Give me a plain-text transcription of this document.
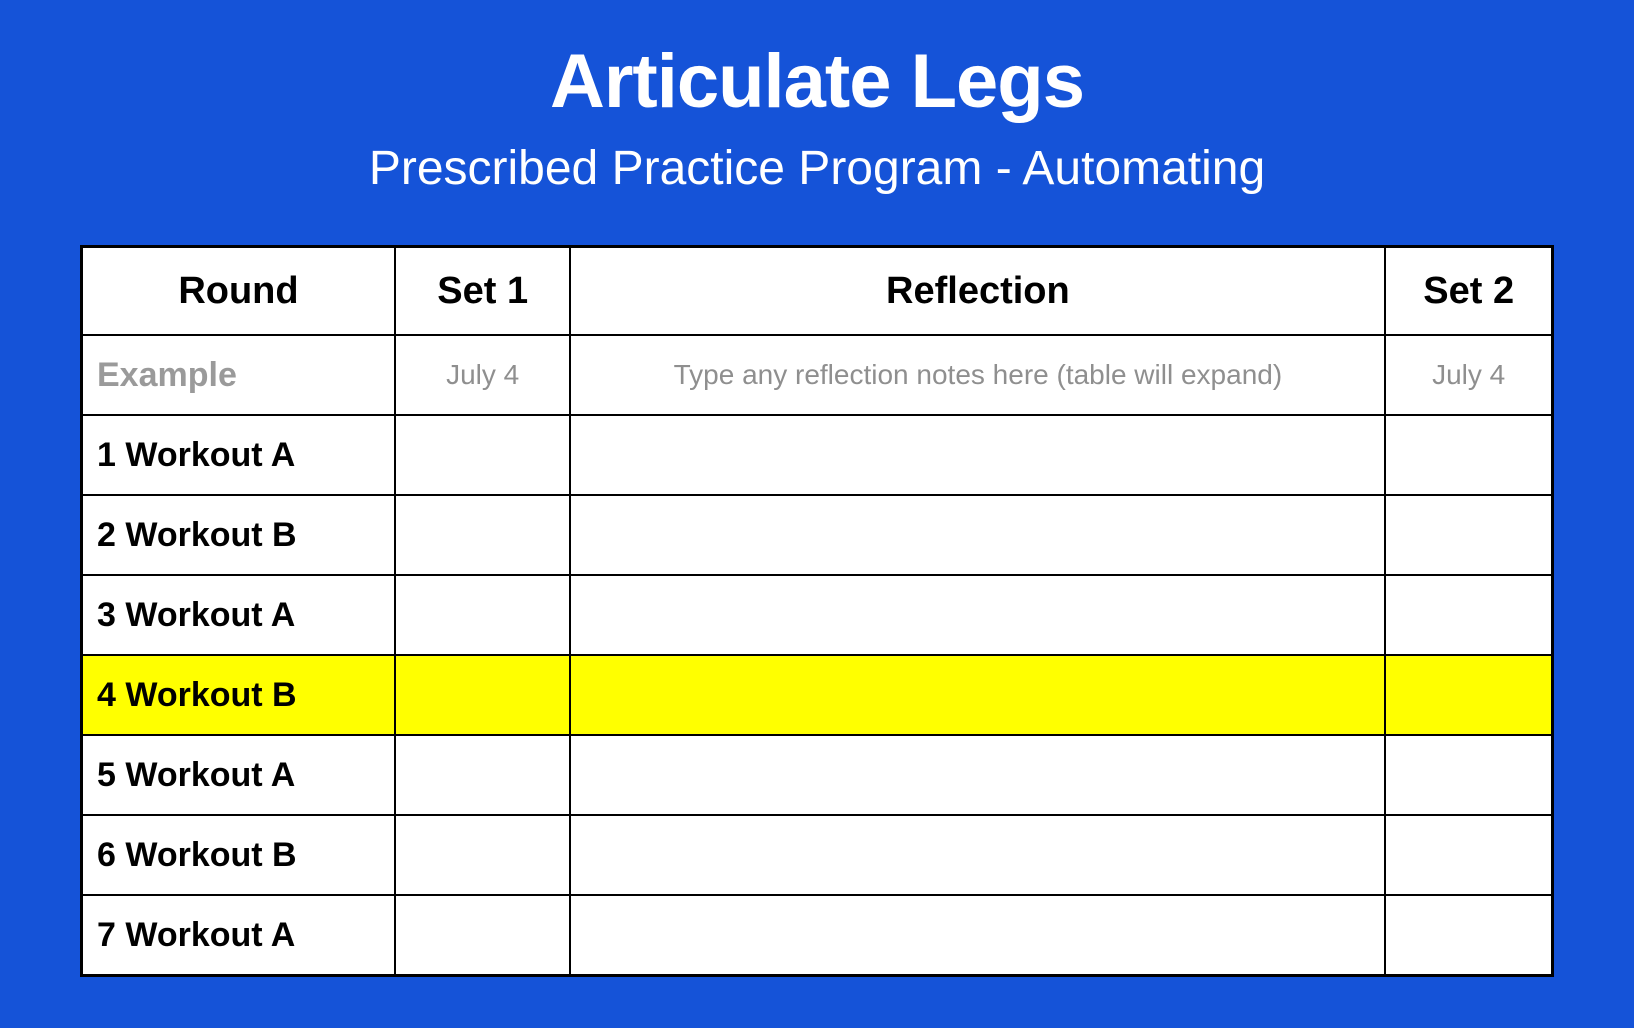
Articulate Legs
Prescribed Practice Program - Automating
Round	Set 1	Reflection	Set 2
Example	July 4	Type any reflection notes here (table will expand)	July 4
1 Workout A			
2 Workout B			
3 Workout A			
4 Workout B			
5 Workout A			
6 Workout B			
7 Workout A			
